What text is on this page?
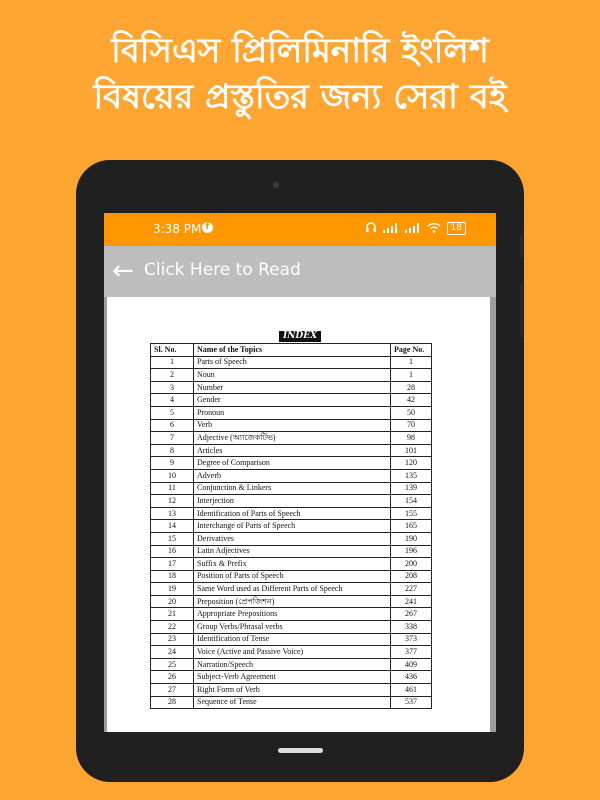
বিসিএস প্রিলিমিনারি ইংলিশ
বিষয়ের প্রস্তুতির জন্য সেরা বই
3:38 PM f	18
← Click Here to Read
INDEX
Sl. No.	Name of the Topics	Page No.
1	Parts of Speech	1
2	Noun	1
3	Number	28
4	Gender	42
5	Pronoun	50
6	Verb	70
7	Adjective (অ্যাজেকটিভ)	98
8	Articles	101
9	Degree of Comparison	120
10	Adverb	135
11	Conjunction & Linkers	139
12	Interjection	154
13	Identification of Parts of Speech	155
14	Interchange of Parts of Speech	165
15	Derivatives	190
16	Latin Adjectives	196
17	Suffix & Prefix	200
18	Position of Parts of Speech	208
19	Same Word used as Different Parts of Speech	227
20	Preposition (প্রেপজিশন)	241
21	Appropriate Prepositions	267
22	Group Verbs/Phrasal verbs	338
23	Identification of Tense	373
24	Voice (Active and Passive Voice)	377
25	Narration/Speech	409
26	Subject-Verb Agreement	436
27	Right Form of Verb	461
28	Sequence of Tense	537
